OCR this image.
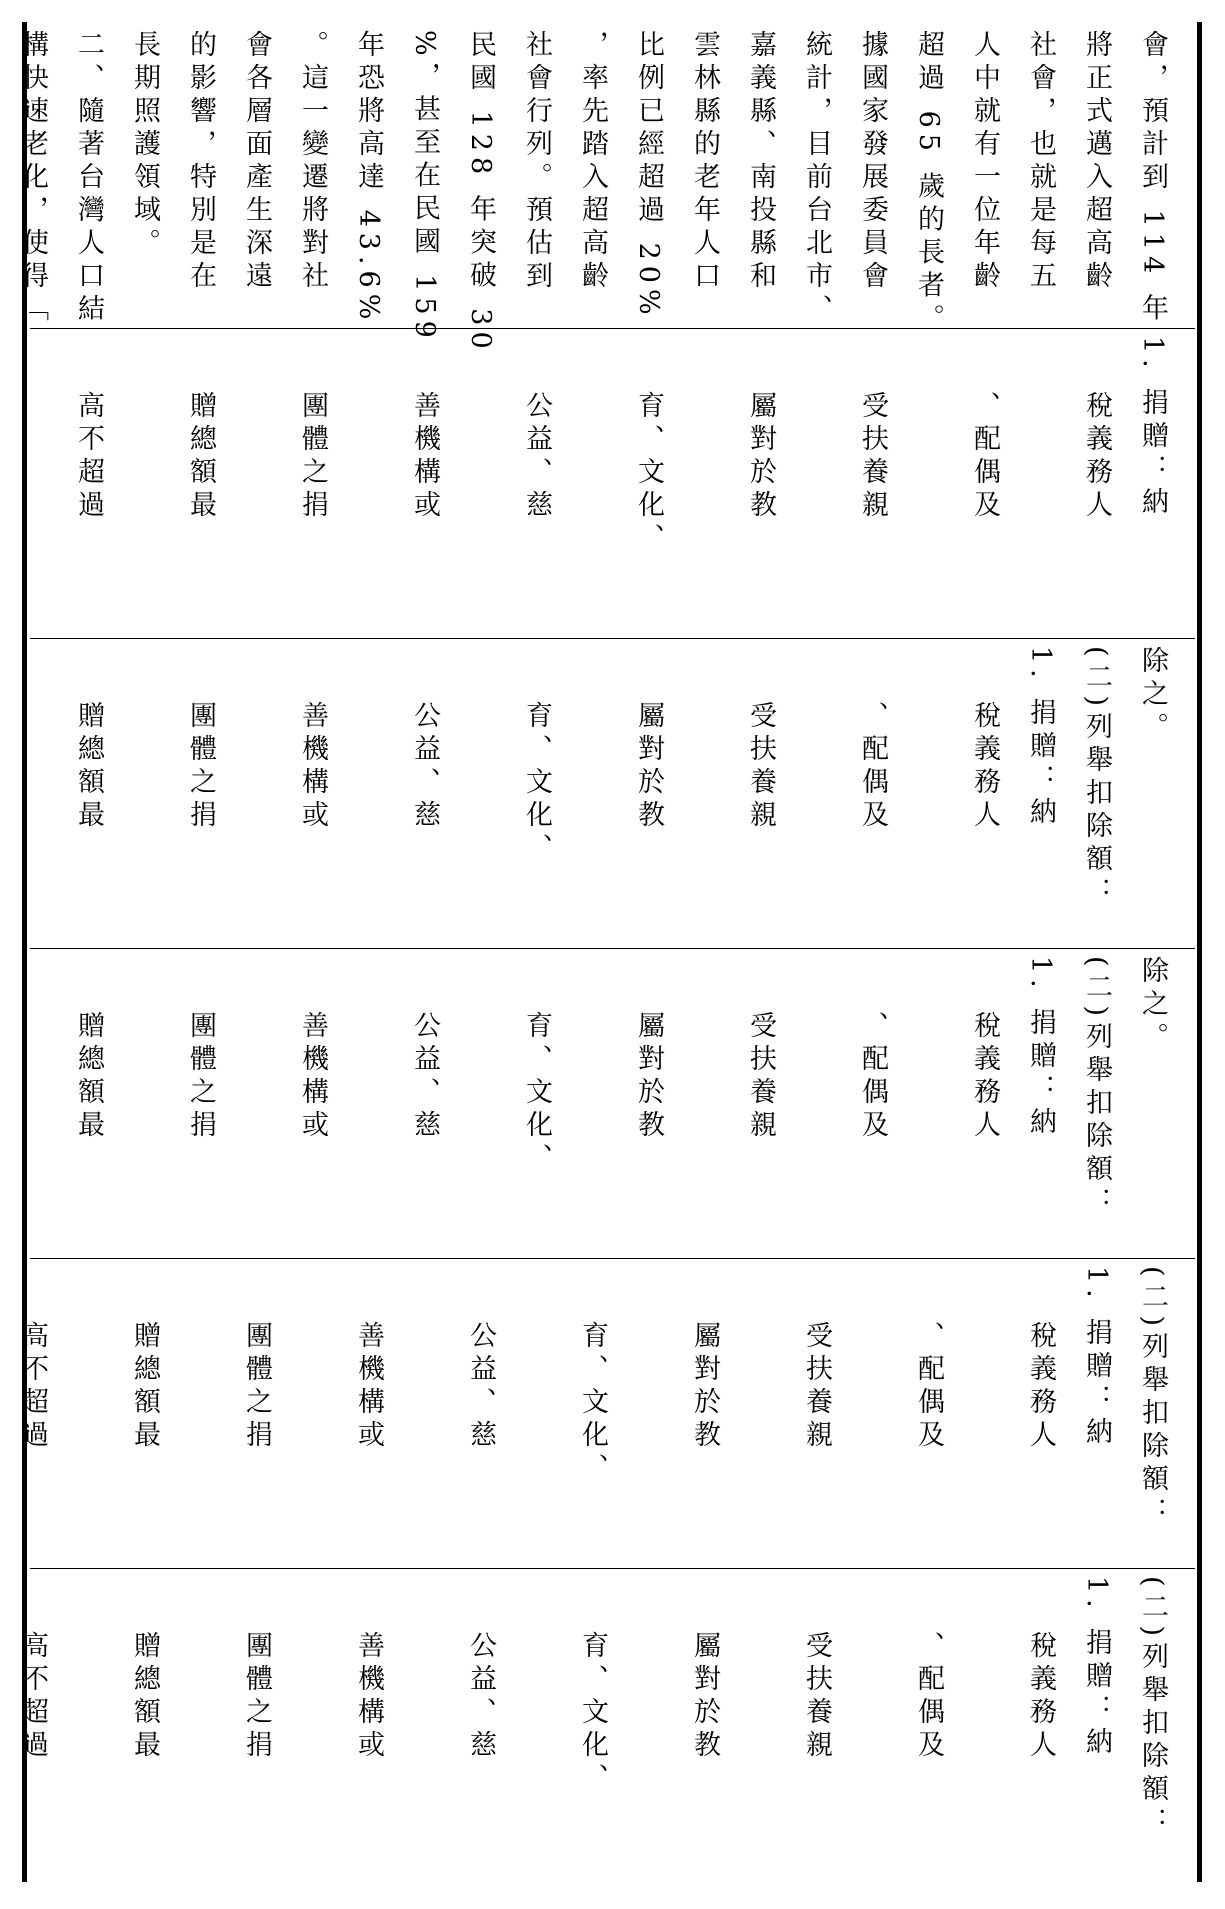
會，預計到 114 年
將正式邁入超高齡
社會，也就是每五
人中就有一位年齡
超過 65 歲的長者。
據國家發展委員會
統計，目前台北市、
嘉義縣、南投縣和
雲林縣的老年人口
比例已經超過 20%
，率先踏入超高齡
社會行列。預估到
民國 128 年突破 30
%，甚至在民國 159
年恐將高達 43.6%
。這一變遷將對社
會各層面產生深遠
的影響，特別是在
長期照護領域。
二、隨著台灣人口結
構快速老化，使得「

1. 捐贈：納

稅義務人

、配偶及

受扶養親

屬對於教

育、文化、

公益、慈

善機構或

團體之捐

贈總額最

高不超過

除之。
(二)列舉扣除額：
1. 捐贈：納

稅義務人

、配偶及

受扶養親

屬對於教

育、文化、

公益、慈

善機構或

團體之捐

贈總額最

除之。
(二)列舉扣除額：
1. 捐贈：納

稅義務人

、配偶及

受扶養親

屬對於教

育、文化、

公益、慈

善機構或

團體之捐

贈總額最

(二)列舉扣除額：
1. 捐贈：納

稅義務人

、配偶及

受扶養親

屬對於教

育、文化、

公益、慈

善機構或

團體之捐

贈總額最

高不超過

(二)列舉扣除額：
1. 捐贈：納

稅義務人

、配偶及

受扶養親

屬對於教

育、文化、

公益、慈

善機構或

團體之捐

贈總額最

高不超過
